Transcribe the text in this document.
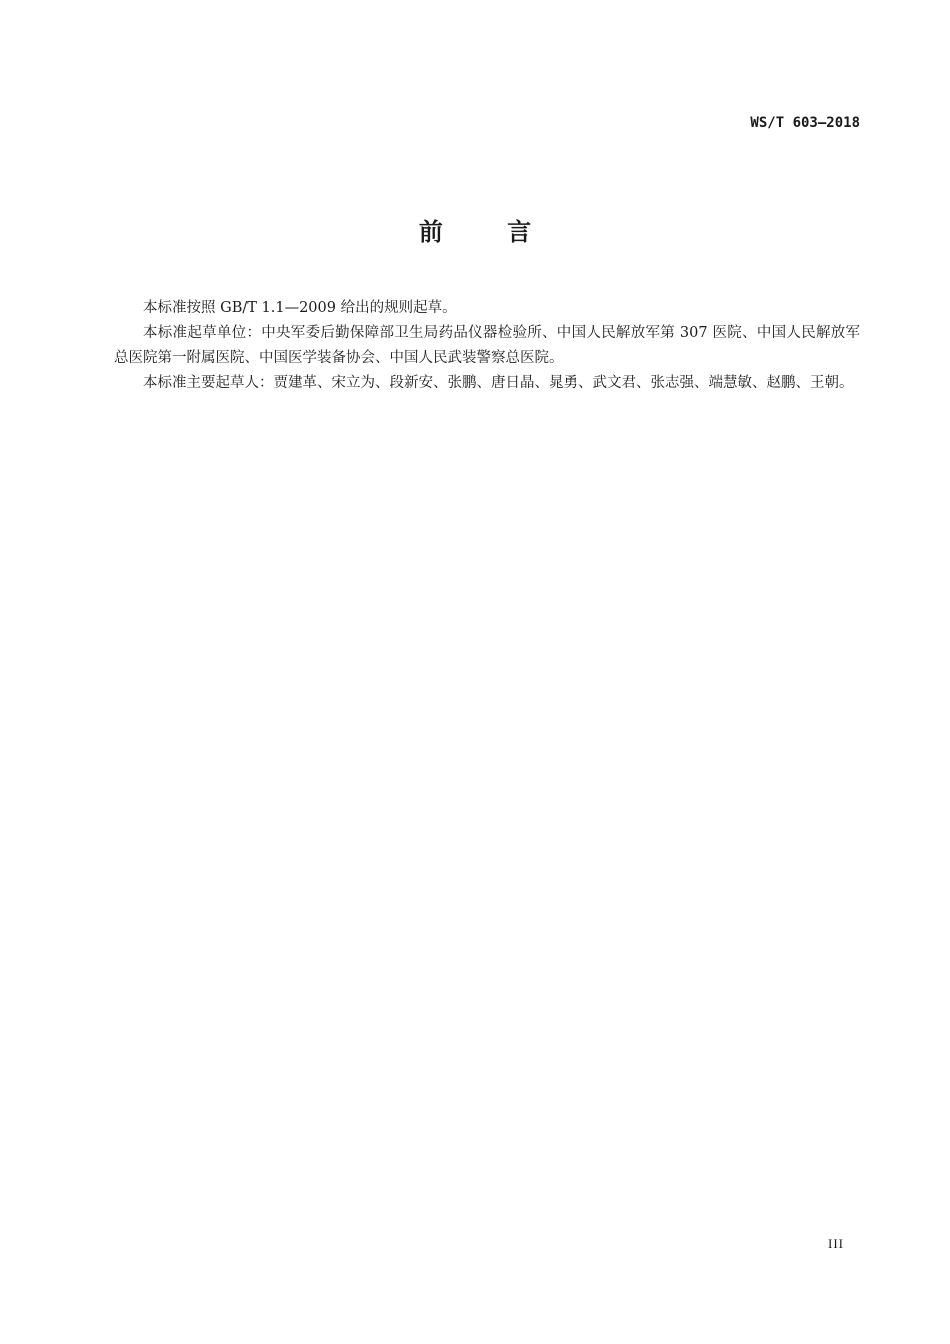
WS/T 603—2018
前 言

本标准按照 GB/T 1.1—2009 给出的规则起草。

本标准起草单位：中央军委后勤保障部卫生局药品仪器检验所、中国人民解放军第 307 医院、中国人民解放军总医院第一附属医院、中国医学装备协会、中国人民武装警察总医院。

本标准主要起草人：贾建革、宋立为、段新安、张鹏、唐日晶、晁勇、武文君、张志强、端慧敏、赵鹏、王朝。

III
